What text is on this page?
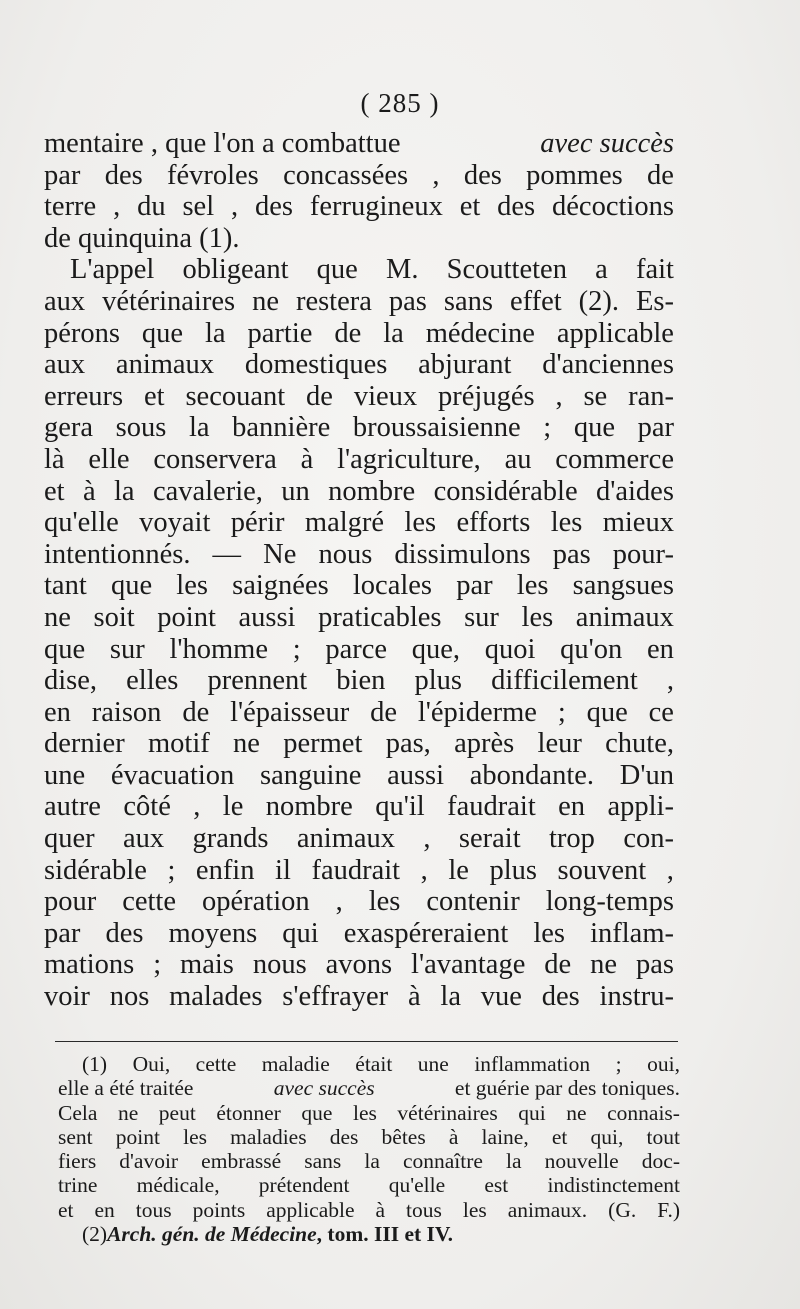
( 285 )
mentaire , que l'on a combattue	avec succès
par des févroles concassées , des pommes de
terre , du sel , des ferrugineux et des décoctions
de quinquina (1).
L'appel obligeant que M. Scoutteten a fait
aux vétérinaires ne restera pas sans effet (2). Es-
pérons que la partie de la médecine applicable
aux animaux domestiques abjurant d'anciennes
erreurs et secouant de vieux préjugés , se ran-
gera sous la bannière broussaisienne ; que par
là elle conservera à l'agriculture, au commerce
et à la cavalerie, un nombre considérable d'aides
qu'elle voyait périr malgré les efforts les mieux
intentionnés. — Ne nous dissimulons pas pour-
tant que les saignées locales par les sangsues
ne soit point aussi praticables sur les animaux
que sur l'homme ; parce que, quoi qu'on en
dise, elles prennent bien plus difficilement ,
en raison de l'épaisseur de l'épiderme ; que ce
dernier motif ne permet pas, après leur chute,
une évacuation sanguine aussi abondante. D'un
autre côté , le nombre qu'il faudrait en appli-
quer aux grands animaux , serait trop con-
sidérable ; enfin il faudrait , le plus souvent ,
pour cette opération , les contenir long-temps
par des moyens qui exaspéreraient les inflam-
mations ; mais nous avons l'avantage de ne pas
voir nos malades s'effrayer à la vue des instru-
(1) Oui, cette maladie était une inflammation ; oui,
elle a été traitée	avec succès	et guérie par des toniques.
Cela ne peut étonner que les vétérinaires qui ne connais-
sent point les maladies des bêtes à laine, et qui, tout
fiers d'avoir embrassé sans la connaître la nouvelle doc-
trine médicale, prétendent qu'elle est indistinctement
et en tous points applicable à tous les animaux. (G. F.)
(2) Arch. gén. de Médecine , tom. III et IV.
